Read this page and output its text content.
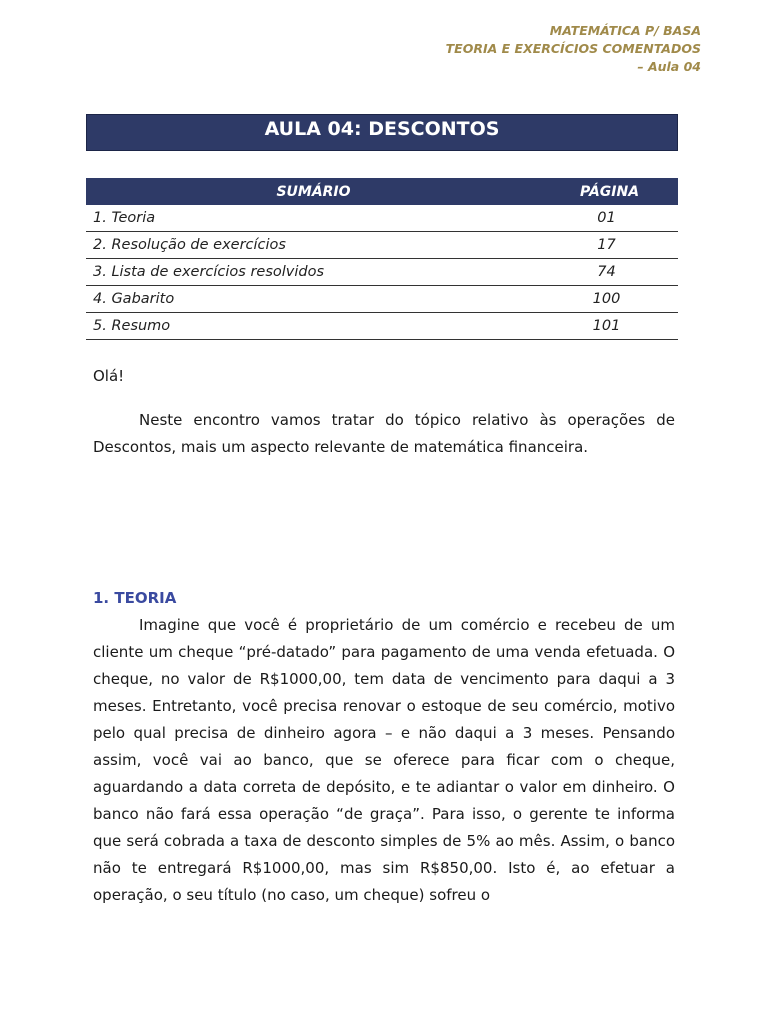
MATEMÁTICA P/ BASA
TEORIA E EXERCÍCIOS COMENTADOS
– Aula 04
AULA 04: DESCONTOS
SUMÁRIO	PÁGINA
1. Teoria	01
2. Resolução de exercícios	17
3. Lista de exercícios resolvidos	74
4. Gabarito	100
5. Resumo	101
Olá!

Neste encontro vamos tratar do tópico relativo às operações de Descontos, mais um aspecto relevante de matemática financeira.

1. TEORIA

Imagine que você é proprietário de um comércio e recebeu de um cliente um cheque “pré-datado” para pagamento de uma venda efetuada. O cheque, no valor de R$1000,00, tem data de vencimento para daqui a 3 meses. Entretanto, você precisa renovar o estoque de seu comércio, motivo pelo qual precisa de dinheiro agora – e não daqui a 3 meses. Pensando assim, você vai ao banco, que se oferece para ficar com o cheque, aguardando a data correta de depósito, e te adiantar o valor em dinheiro. O banco não fará essa operação “de graça”. Para isso, o gerente te informa que será cobrada a taxa de desconto simples de 5% ao mês. Assim, o banco não te entregará R$1000,00, mas sim R$850,00. Isto é, ao efetuar a operação, o seu título (no caso, um cheque) sofreu o
